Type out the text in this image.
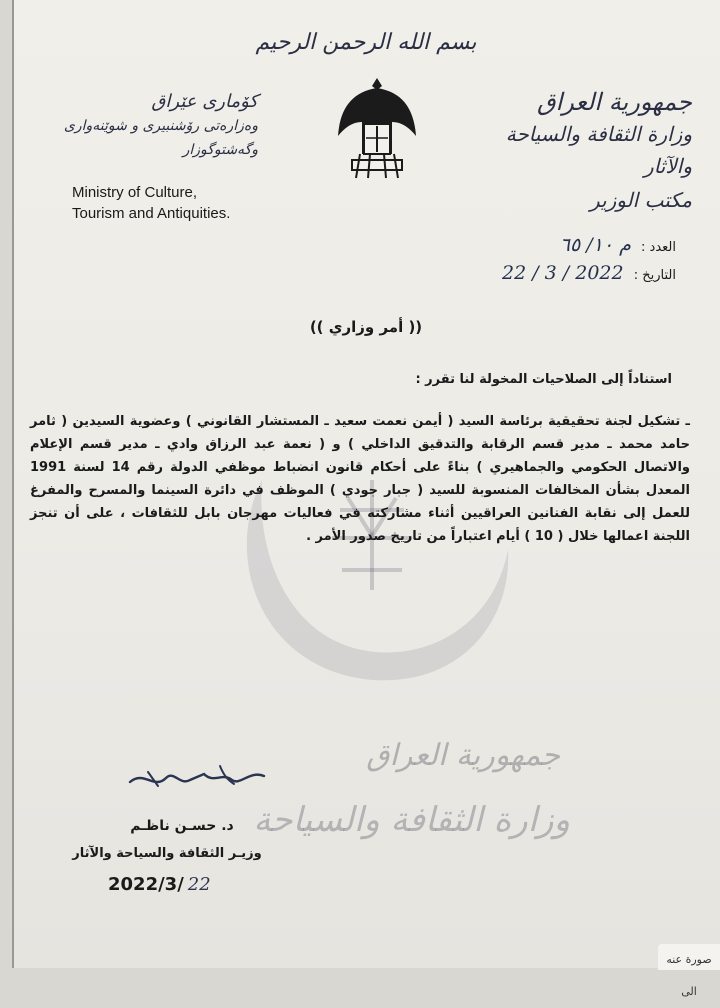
بسم الله الرحمن الرحيم
جمهورية العراق
وزارة الثقافة والسياحة والآثار
مكتب الوزير
كۆماری عێراق
وەزارەتی رۆشنبیری و شوێنەواری
وگەشتوگوزار
Ministry of Culture,
Tourism and Antiquities.
العدد : م ١٠/ ٦٥
التاريخ : 2022 / 3 / 22
جمهورية العراق
وزارة الثقافة والسياحة
(( أمر وزاري ))
استناداً إلى الصلاحيات المخولة لنا تقرر :

ـ تشكيل لجنة تحقيقية برئاسة السيد ( أيمن نعمت سعيد ـ المستشار القانوني ) وعضوية السيدين ( ثامر حامد محمد ـ مدير قسم الرقابة والتدقيق الداخلي ) و ( نعمة عبد الرزاق وادي ـ مدير قسم الإعلام والاتصال الحكومي والجماهيري ) بناءً على أحكام قانون انضباط موظفي الدولة رقم 14 لسنة 1991 المعدل بشأن المخالفات المنسوبة للسيد ( جبار جودي ) الموظف في دائرة السينما والمسرح والمفرغ للعمل إلى نقابة الفنانين العراقيين أثناء مشاركته في فعاليات مهرجان بابل للثقافات ، على أن تنجز اللجنة اعمالها خلال ( 10 ) أيام اعتباراً من تاريخ صدور الأمر .

د. حسـن ناظـم
وزيـر الثقافة والسياحة والآثار
2022/3/ 22
صورة عنه الى
